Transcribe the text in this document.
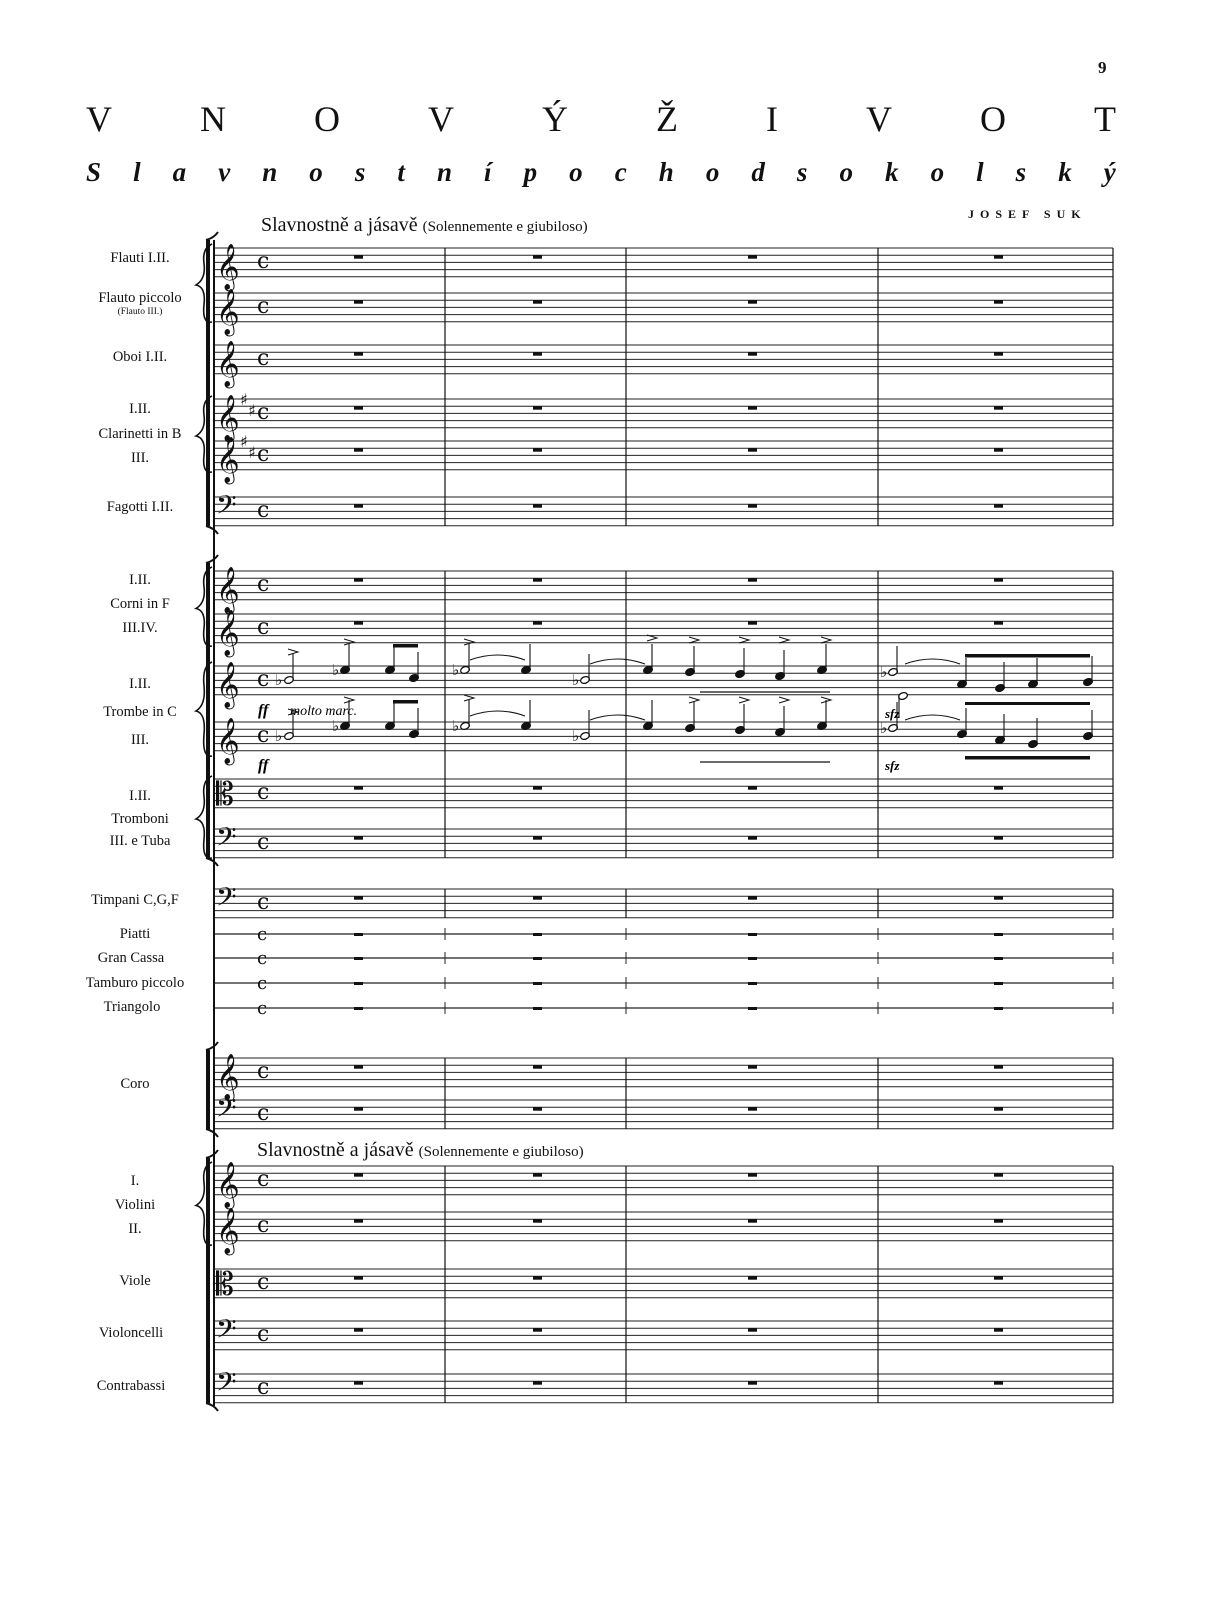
9
V N O V Ý Ž I V O T
S l a v n o s t n í p o c h o d s o k o l s k ý
JOSEF SUK
Slavnostně a jásavě (Solennemente e giubiloso)
Slavnostně a jásavě (Solennemente e giubiloso)
Flauti I.II.
Flauto piccolo
(Flauto III.)
Oboi I.II.
I.II.
Clarinetti in B
III.
Fagotti I.II.
I.II.
Corni in F
III.IV.
I.II.
Trombe in C
III.
I.II.
Tromboni
III. e Tuba
Timpani C,G,F
Piatti
Gran Cassa
Tamburo piccolo
Triangolo
Coro
I.
Violini
II.
Viole
Violoncelli
Contrabassi
𝄞 c
𝄞 c
𝄞 c
𝄞 c
𝄞 c
𝄢 c
𝄞 c
𝄞 c
𝄞 c
𝄞 c
𝄡 c
𝄢 c
𝄢 c
𝄞 c
𝄢 c
𝄞 c
𝄞 c
𝄡 c
𝄢 c
𝄢 c
♯
♯
♯
♯
c
c
c
c
ff molto marc.
ff
sfz
sfz
♭
♭	♭
♭	♭
♭
♭	♭
♭	♭
